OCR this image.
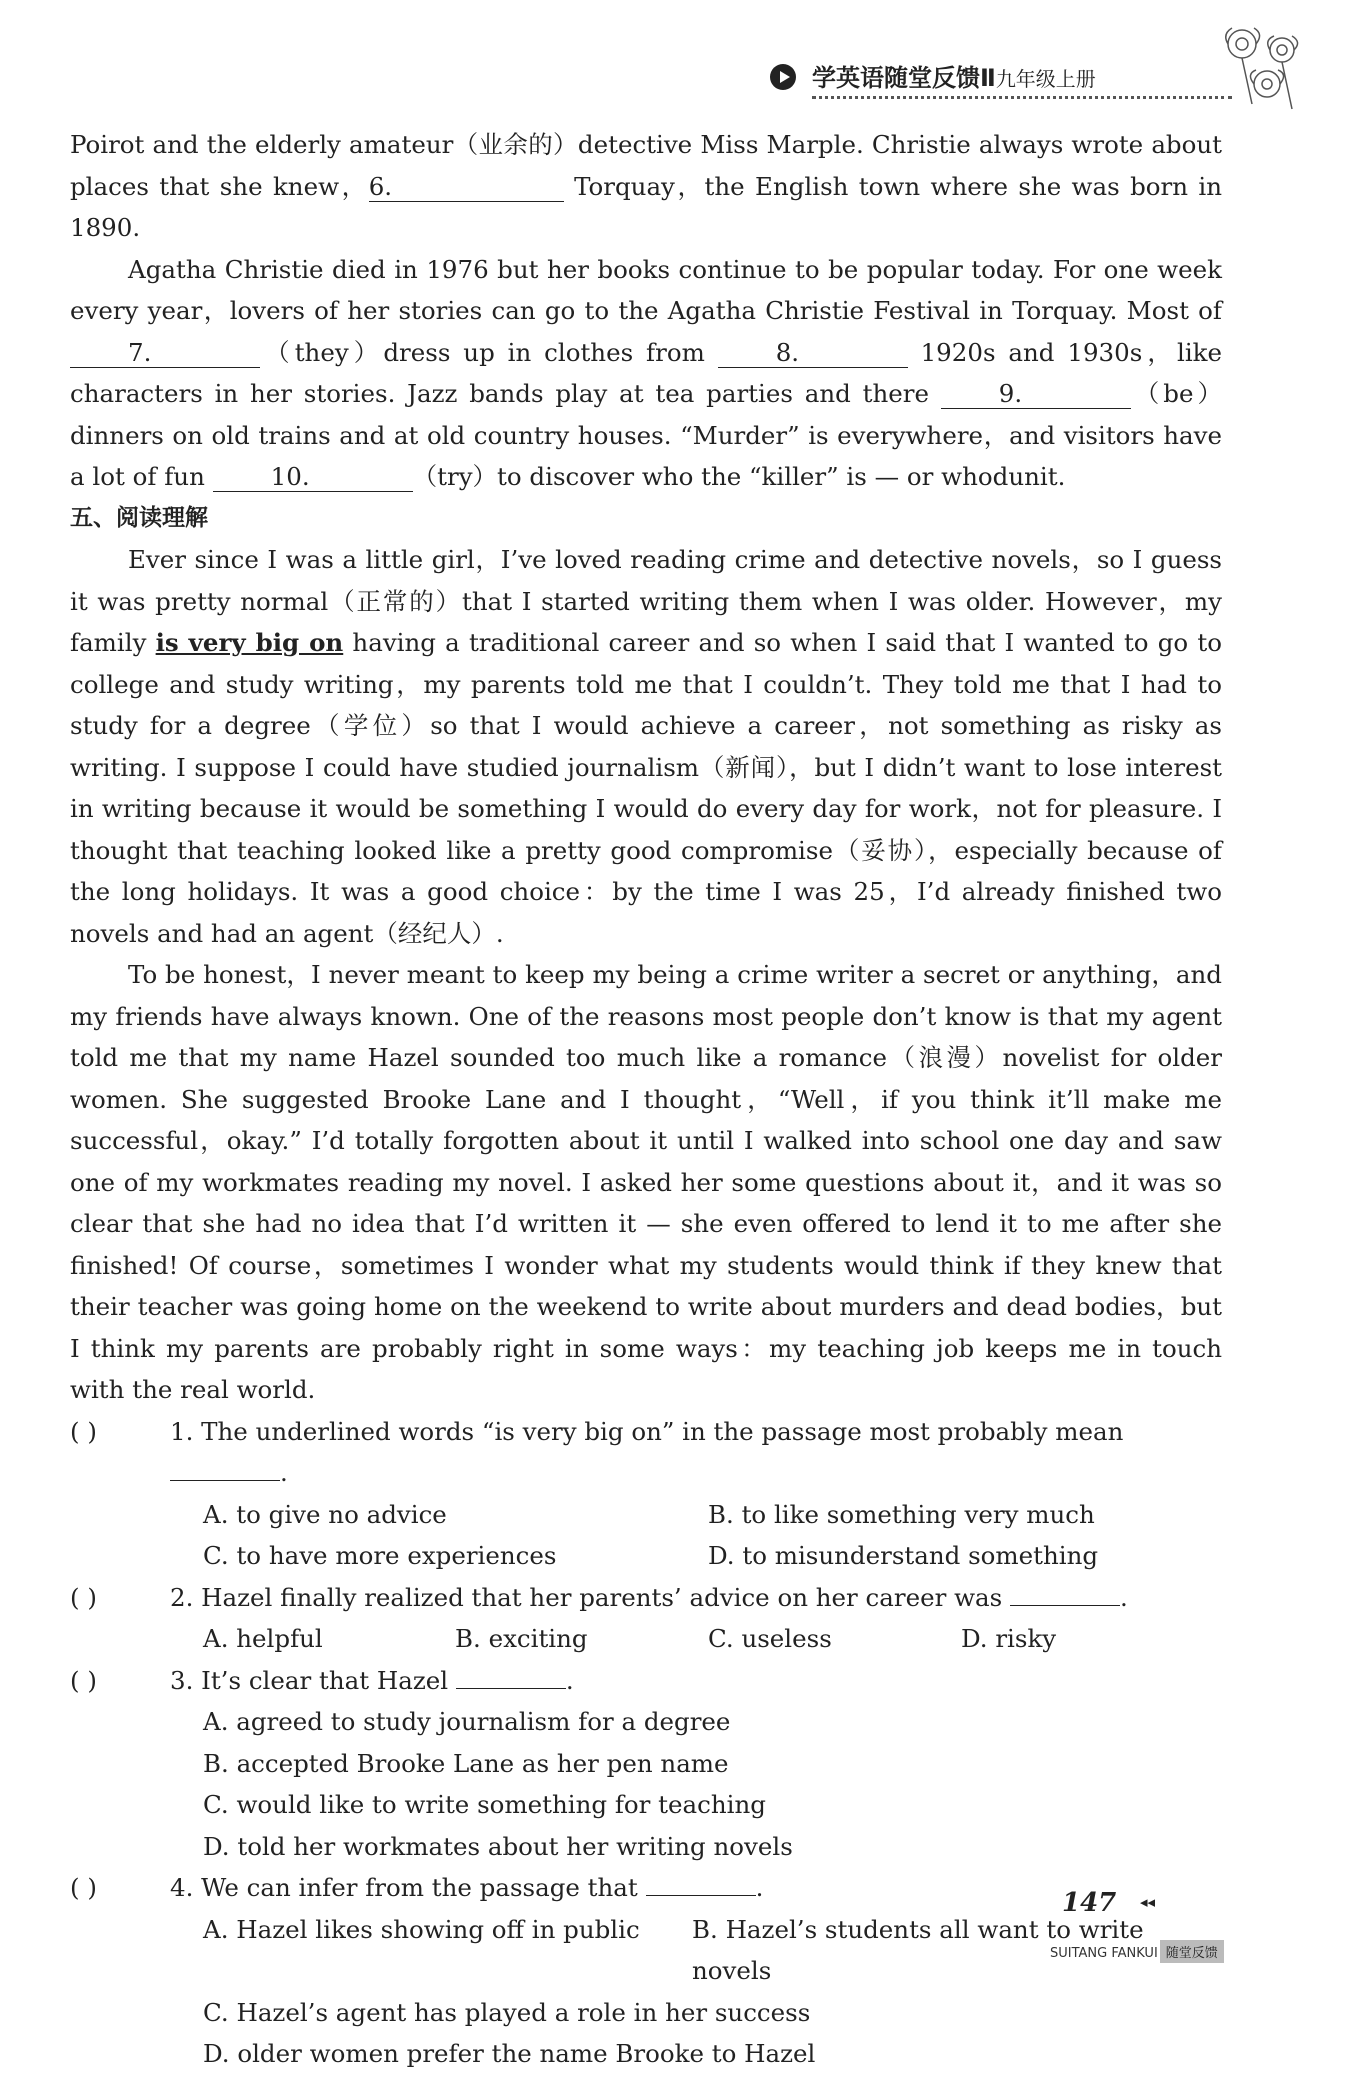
学英语随堂反馈Ⅱ九年级上册

Poirot and the elderly amateur（业余的）detective Miss Marple. Christie always wrote about places that she knew，6.	Torquay，the English town where she was born in 1890.

Agatha Christie died in 1976 but her books continue to be popular today. For one week every year，lovers of her stories can go to the Agatha Christie Festival in Torquay. Most of 7.	（they）dress up in clothes from 8.	1920s and 1930s，like characters in her stories. Jazz bands play at tea parties and there 9.	（be）dinners on old trains and at old country houses. “Murder” is everywhere，and visitors have a lot of fun 10.	（try）to discover who the “killer” is — or whodunit.

五、阅读理解

Ever since I was a little girl，I’ve loved reading crime and detective novels，so I guess it was pretty normal（正常的）that I started writing them when I was older. However，my family is very big on having a traditional career and so when I said that I wanted to go to college and study writing，my parents told me that I couldn’t. They told me that I had to study for a degree（学位）so that I would achieve a career，not something as risky as writing. I suppose I could have studied journalism（新闻），but I didn’t want to lose interest in writing because it would be something I would do every day for work，not for pleasure. I thought that teaching looked like a pretty good compromise（妥协），especially because of the long holidays. It was a good choice：by the time I was 25，I’d already finished two novels and had an agent（经纪人）.

To be honest，I never meant to keep my being a crime writer a secret or anything，and my friends have always known. One of the reasons most people don’t know is that my agent told me that my name Hazel sounded too much like a romance（浪漫）novelist for older women. She suggested Brooke Lane and I thought，“Well，if you think it’ll make me successful，okay.” I’d totally forgotten about it until I walked into school one day and saw one of my workmates reading my novel. I asked her some questions about it，and it was so clear that she had no idea that I’d written it — she even offered to lend it to me after she finished! Of course，sometimes I wonder what my students would think if they knew that their teacher was going home on the weekend to write about murders and dead bodies，but I think my parents are probably right in some ways：my teaching job keeps me in touch with the real world.

( )	1. The underlined words “is very big on” in the passage most probably mean .
A. to give no advice	B. to like something very much
C. to have more experiences	D. to misunderstand something
( )	2. Hazel finally realized that her parents’ advice on her career was	.
A. helpful	B. exciting	C. useless	D. risky
( )	3. It’s clear that Hazel	.
A. agreed to study journalism for a degree
B. accepted Brooke Lane as her pen name
C. would like to write something for teaching
D. told her workmates about her writing novels
( )	4. We can infer from the passage that	.
A. Hazel likes showing off in public	B. Hazel’s students all want to write novels
C. Hazel’s agent has played a role in her success
D. older women prefer the name Brooke to Hazel
147 ◂◂
SUITANG FANKUI 随堂反馈
